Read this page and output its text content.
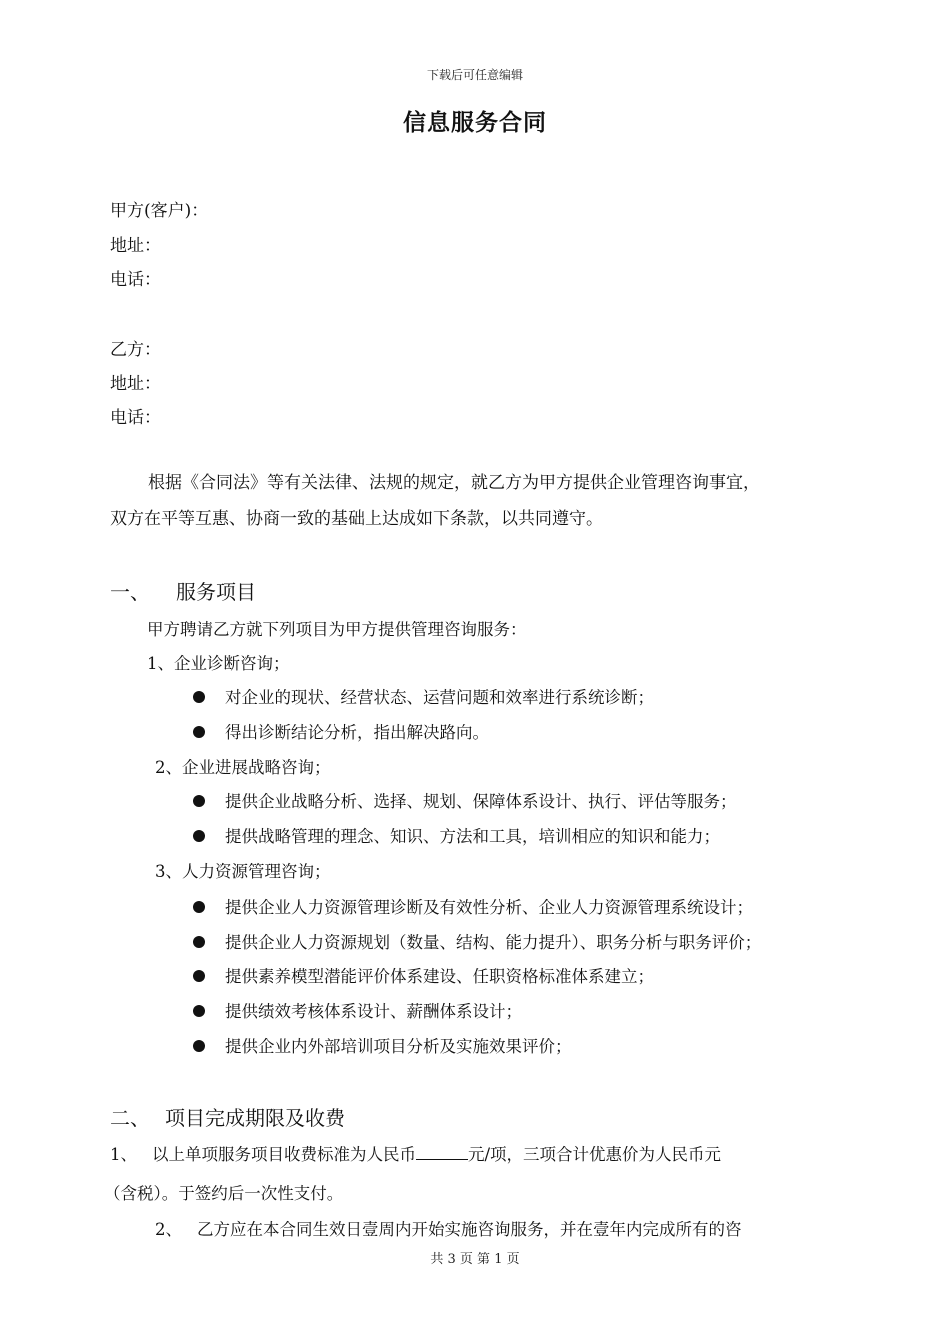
下载后可任意编辑
信息服务合同
甲方(客户)：
地址：
电话：
乙方：
地址：
电话：
根据《合同法》等有关法律、法规的规定，就乙方为甲方提供企业管理咨询事宜，
双方在平等互惠、协商一致的基础上达成如下条款，以共同遵守。
一、 服务项目
甲方聘请乙方就下列项目为甲方提供管理咨询服务：
1、企业诊断咨询；
对企业的现状、经营状态、运营问题和效率进行系统诊断；
得出诊断结论分析，指出解决路向。
2、企业进展战略咨询；
提供企业战略分析、选择、规划、保障体系设计、执行、评估等服务；
提供战略管理的理念、知识、方法和工具，培训相应的知识和能力；
3、人力资源管理咨询；
提供企业人力资源管理诊断及有效性分析、企业人力资源管理系统设计；
提供企业人力资源规划（数量、结构、能力提升）、职务分析与职务评价；
提供素养模型潜能评价体系建设、任职资格标准体系建立；
提供绩效考核体系设计、薪酬体系设计；
提供企业内外部培训项目分析及实施效果评价；
二、 项目完成期限及收费
1、 以上单项服务项目收费标准为人民币	元/项，三项合计优惠价为人民币元
（含税）。于签约后一次性支付。
2、 乙方应在本合同生效日壹周内开始实施咨询服务，并在壹年内完成所有的咨
共 3 页 第 1 页
